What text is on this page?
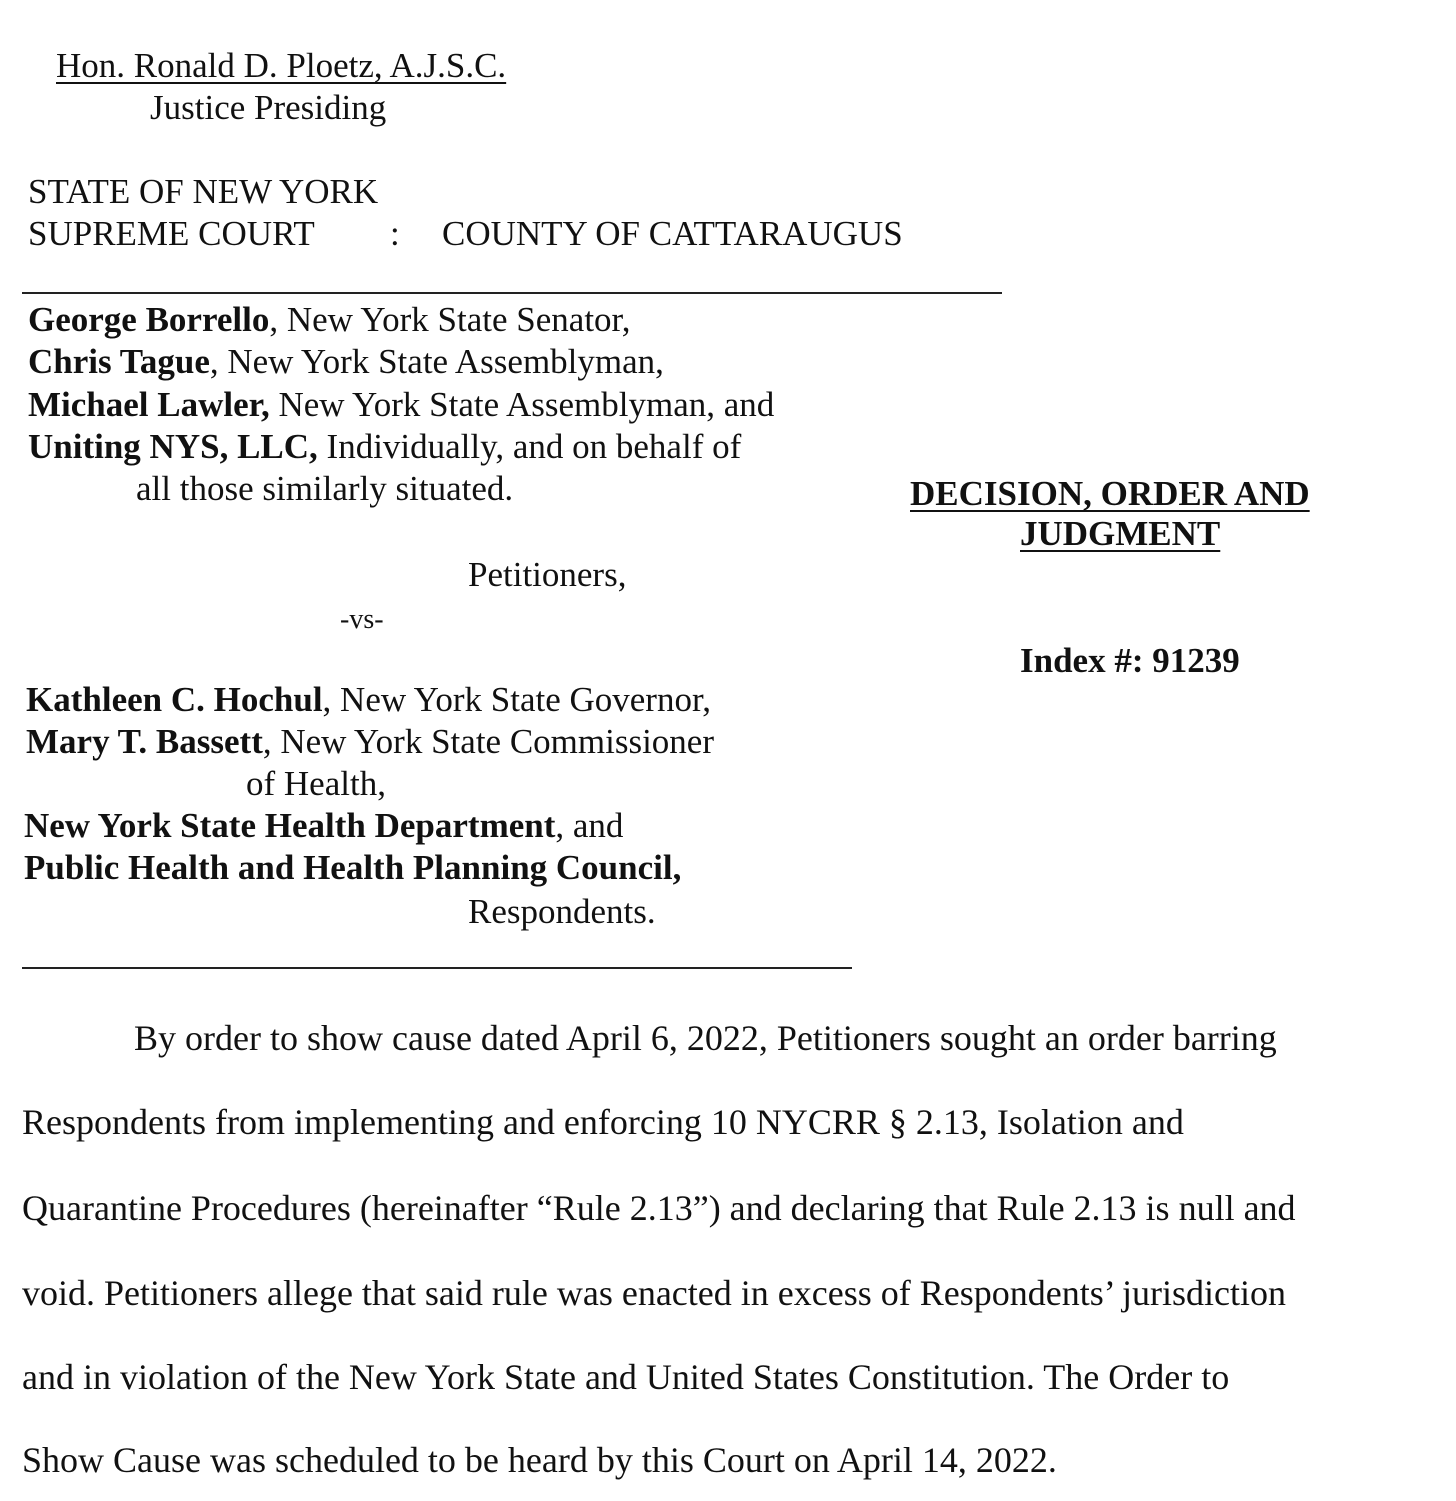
Hon. Ronald D. Ploetz, A.J.S.C.
Justice Presiding
STATE OF NEW YORK
SUPREME COURT : COUNTY OF CATTARAUGUS
George Borrello, New York State Senator,
Chris Tague, New York State Assemblyman,
Michael Lawler, New York State Assemblyman, and
Uniting NYS, LLC, Individually, and on behalf of
all those similarly situated.	DECISION, ORDER AND
JUDGMENT
Petitioners,
-vs-
Index #: 91239
Kathleen C. Hochul, New York State Governor,
Mary T. Bassett, New York State Commissioner
of Health,
New York State Health Department, and
Public Health and Health Planning Council,
Respondents.
By order to show cause dated April 6, 2022, Petitioners sought an order barring
Respondents from implementing and enforcing 10 NYCRR § 2.13, Isolation and
Quarantine Procedures (hereinafter “Rule 2.13”) and declaring that Rule 2.13 is null and
void. Petitioners allege that said rule was enacted in excess of Respondents’ jurisdiction
and in violation of the New York State and United States Constitution. The Order to
Show Cause was scheduled to be heard by this Court on April 14, 2022.
